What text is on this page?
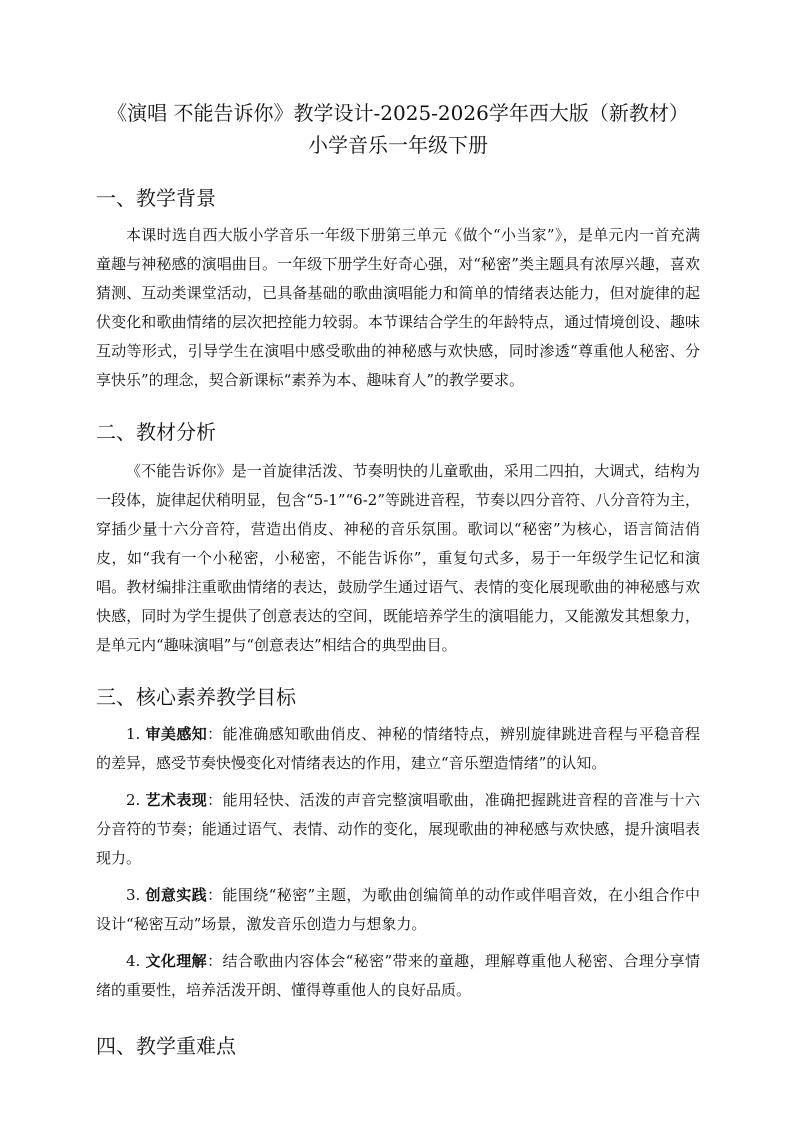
《演唱 不能告诉你》教学设计-2025-2026学年西大版（新教材）
小学音乐一年级下册
一、教学背景

本课时选自西大版小学音乐一年级下册第三单元《做个“小当家”》，是单元内一首充满童趣与神秘感的演唱曲目。一年级下册学生好奇心强，对“秘密”类主题具有浓厚兴趣，喜欢猜测、互动类课堂活动，已具备基础的歌曲演唱能力和简单的情绪表达能力，但对旋律的起伏变化和歌曲情绪的层次把控能力较弱。本节课结合学生的年龄特点，通过情境创设、趣味互动等形式，引导学生在演唱中感受歌曲的神秘感与欢快感，同时渗透“尊重他人秘密、分享快乐”的理念，契合新课标“素养为本、趣味育人”的教学要求。

二、教材分析

《不能告诉你》是一首旋律活泼、节奏明快的儿童歌曲，采用二四拍，大调式，结构为一段体，旋律起伏稍明显，包含“5-1”“6-2”等跳进音程，节奏以四分音符、八分音符为主，穿插少量十六分音符，营造出俏皮、神秘的音乐氛围。歌词以“秘密”为核心，语言简洁俏皮，如“我有一个小秘密，小秘密，不能告诉你”，重复句式多，易于一年级学生记忆和演唱。教材编排注重歌曲情绪的表达，鼓励学生通过语气、表情的变化展现歌曲的神秘感与欢快感，同时为学生提供了创意表达的空间，既能培养学生的演唱能力，又能激发其想象力，是单元内“趣味演唱”与“创意表达”相结合的典型曲目。

三、核心素养教学目标

1. 审美感知：能准确感知歌曲俏皮、神秘的情绪特点，辨别旋律跳进音程与平稳音程的差异，感受节奏快慢变化对情绪表达的作用，建立“音乐塑造情绪”的认知。

2. 艺术表现：能用轻快、活泼的声音完整演唱歌曲，准确把握跳进音程的音准与十六分音符的节奏；能通过语气、表情、动作的变化，展现歌曲的神秘感与欢快感，提升演唱表现力。

3. 创意实践：能围绕“秘密”主题，为歌曲创编简单的动作或伴唱音效，在小组合作中设计“秘密互动”场景，激发音乐创造力与想象力。

4. 文化理解：结合歌曲内容体会“秘密”带来的童趣，理解尊重他人秘密、合理分享情绪的重要性，培养活泼开朗、懂得尊重他人的良好品质。

四、教学重难点
